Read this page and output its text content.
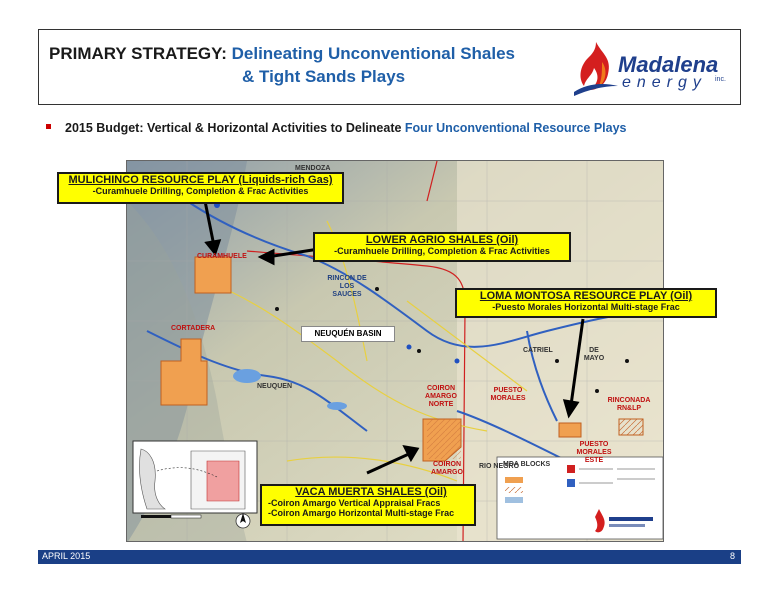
PRIMARY STRATEGY: Delineating Unconventional Shales
& Tight Sands Plays	Madalena
energy inc.
2015 Budget: Vertical & Horizontal Activities to Delineate Four Unconventional Resource Plays
CURAMHUELE
CORTADERA
RINCON DE LOS SAUCES
NEUQUEN
MENDOZA
COIRON AMARGO NORTE
COIRON AMARGO
PUESTO MORALES
PUESTO MORALES ESTE
RINCONADA RN&LP
RIO NEGRO
DE MAYO
CATRIEL
MDA BLOCKS
NEUQUÉN BASIN
MULICHINCO RESOURCE PLAY (Liquids-rich Gas)
-Curamhuele Drilling, Completion & Frac Activities
LOWER AGRIO SHALES (Oil)
-Curamhuele Drilling, Completion & Frac Activities
LOMA MONTOSA RESOURCE PLAY (Oil)
-Puesto Morales Horizontal Multi-stage Frac
VACA MUERTA SHALES (Oil)
-Coiron Amargo Vertical Appraisal Fracs
-Coiron Amargo Horizontal Multi-stage Frac
APRIL 2015	8
